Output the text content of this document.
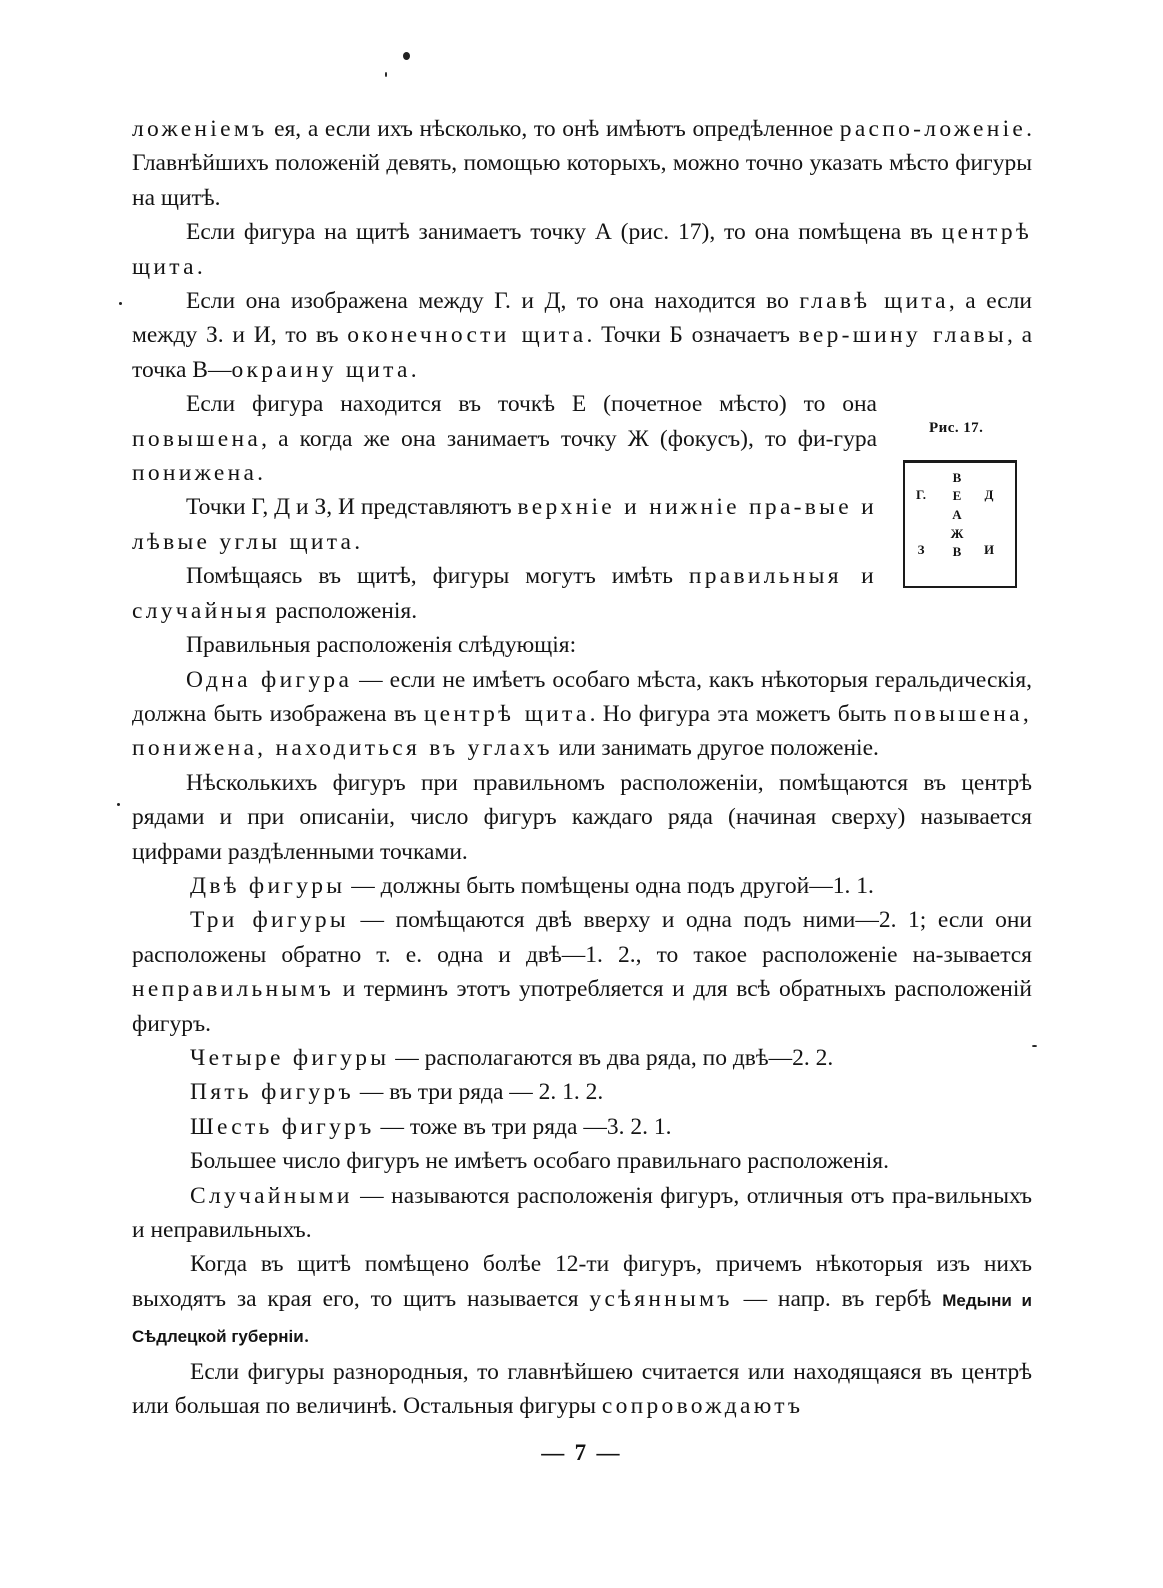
ложеніемъ ея, а если ихъ нѣсколько, то онѣ имѣютъ опредѣленное распо-ложеніе. Главнѣйшихъ положеній девять, помощью которыхъ, можно точно указать мѣсто фигуры на щитѣ.

Если фигура на щитѣ занимаетъ точку А (рис. 17), то она помѣщена въ центрѣ щита.

Если она изображена между Г. и Д, то она находится во главѣ щита, а если между З. и И, то въ оконечности щита. Точки Б означаетъ вер-шину главы, а точка В—окраину щита.

Если фигура находится въ точкѣ Е (почетное мѣсто) то она повышена, а когда же она занимаетъ точку Ж (фокусъ), то фи-гура понижена.

Точки Г, Д и З, И представляютъ верхніе и нижніе пра-вые и лѣвые углы щита.

Помѣщаясь въ щитѣ, фигуры могутъ имѣть правильныя и случайныя расположенія.

Правильныя расположенія слѣдующія:

Одна фигура — если не имѣетъ особаго мѣста, какъ нѣкоторыя геральдическія, должна быть изображена въ центрѣ щита. Но фигура эта можетъ быть повышена, понижена, находиться въ углахъ или занимать другое положеніе.

Нѣсколькихъ фигуръ при правильномъ расположеніи, помѣщаются въ центрѣ рядами и при описаніи, число фигуръ каждаго ряда (начиная сверху) называется цифрами раздѣленными точками.

Двѣ фигуры — должны быть помѣщены одна подъ другой—1. 1.

Три фигуры — помѣщаются двѣ вверху и одна подъ ними—2. 1; если они расположены обратно т. е. одна и двѣ—1. 2., то такое расположеніе на-зывается неправильнымъ и терминъ этотъ употребляется и для всѣ обратныхъ расположеній фигуръ.

Четыре фигуры — располагаются въ два ряда, по двѣ—2. 2.

Пять фигуръ — въ три ряда — 2. 1. 2.

Шесть фигуръ — тоже въ три ряда —3. 2. 1.

Большее число фигуръ не имѣетъ особаго правильнаго расположенія.

Случайными — называются расположенія фигуръ, отличныя отъ пра-вильныхъ и неправильныхъ.

Когда въ щитѣ помѣщено болѣе 12-ти фигуръ, причемъ нѣкоторыя изъ нихъ выходятъ за края его, то щитъ называется усѣяннымъ — напр. въ гербѣ Медыни и Сѣдлецкой губерніи.

Если фигуры разнородныя, то главнѣйшею считается или находящаяся въ центрѣ или большая по величинѣ. Остальныя фигуры сопровождаютъ

Рис. 17.
В
Г. Е Д
А
Ж
З	В И
— 7 —
